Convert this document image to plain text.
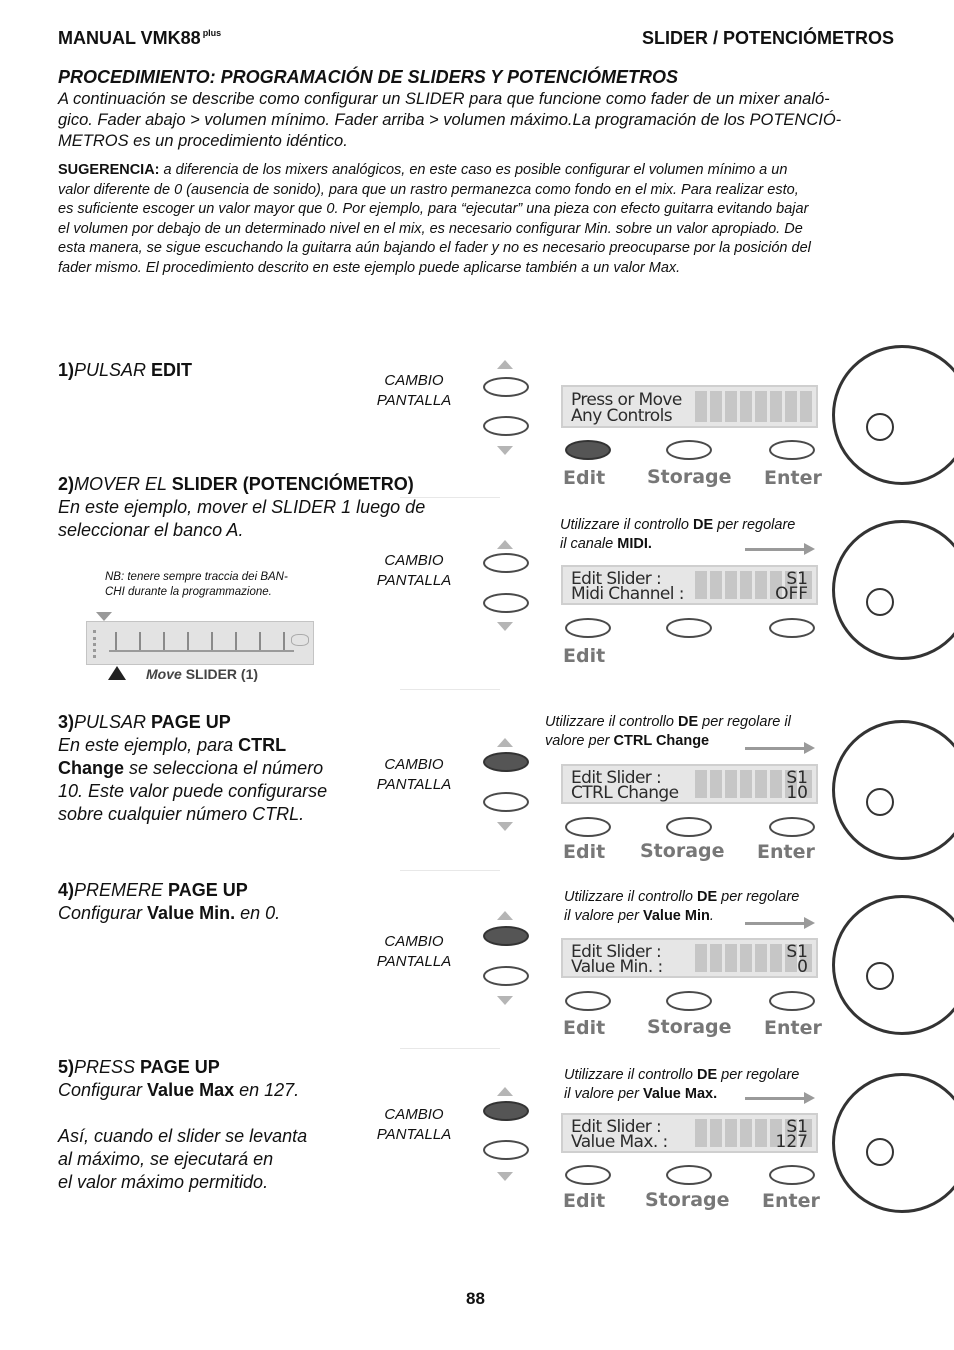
MANUAL VMK88 $^{plus}$	SLIDER / POTENCIÓMETROS
PROCEDIMIENTO: PROGRAMACIÓN DE SLIDERS Y POTENCIÓMETROS
A continuación se describe como configurar un SLIDER para que funcione como fader de un mixer analó-
gico. Fader abajo > volumen mínimo. Fader arriba > volumen máximo.La programación de los POTENCIÓ-
METROS es un procedimiento idéntico.
SUGERENCIA: a diferencia de los mixers analógicos, en este caso es posible configurar el volumen mínimo a un
valor diferente de 0 (ausencia de sonido), para que un rastro permanezca como fondo en el mix. Para realizar esto,
es suficiente escoger un valor mayor que 0. Por ejemplo, para “ejecutar” una pieza con efecto guitarra evitando bajar
el volumen por debajo de un determinado nivel en el mix, es necesario configurar Min. sobre un valor apropiado. De
esta manera, se sigue escuchando la guitarra aún bajando el fader y no es necesario preocuparse por la posición del
fader mismo. El procedimiento descrito en este ejemplo puede aplicarse también a un valor Max.
1)PULSAR EDIT
CAMBIO
PANTALLA	Press or Move
Any Controls
Edit Storage Enter
2)MOVER EL SLIDER (POTENCIÓMETRO)
En este ejemplo, mover el SLIDER 1 luego de
seleccionar el banco A.
NB: tenere sempre traccia dei BAN-
CHI durante la programmazione.
Move SLIDER (1)
Utilizzare il controllo DE per regolare
il canale MIDI.
CAMBIO
PANTALLA	Edit Slider :
Midi Channel :
S1
OFF
Edit
3)PULSAR PAGE UP
En este ejemplo, para CTRL
Change se selecciona el número
10. Este valor puede configurarse
sobre cualquier número CTRL.
Utilizzare il controllo DE per regolare il
valore per CTRL Change
CAMBIO
PANTALLA	Edit Slider :
CTRL Change
S1
10
Edit Storage Enter
4)PREMERE PAGE UP
Configurar Value Min. en 0.
Utilizzare il controllo DE per regolare
il valore per Value Min.
CAMBIO
PANTALLA	Edit Slider :
Value Min. :
S1
0
Edit Storage Enter
5)PRESS PAGE UP
Configurar Value Max en 127.
Así, cuando el slider se levanta
al máximo, se ejecutará en
el valor máximo permitido.
Utilizzare il controllo DE per regolare
il valore per Value Max.
CAMBIO
PANTALLA	Edit Slider :
Value Max. :
S1
127
Edit Storage Enter
88
